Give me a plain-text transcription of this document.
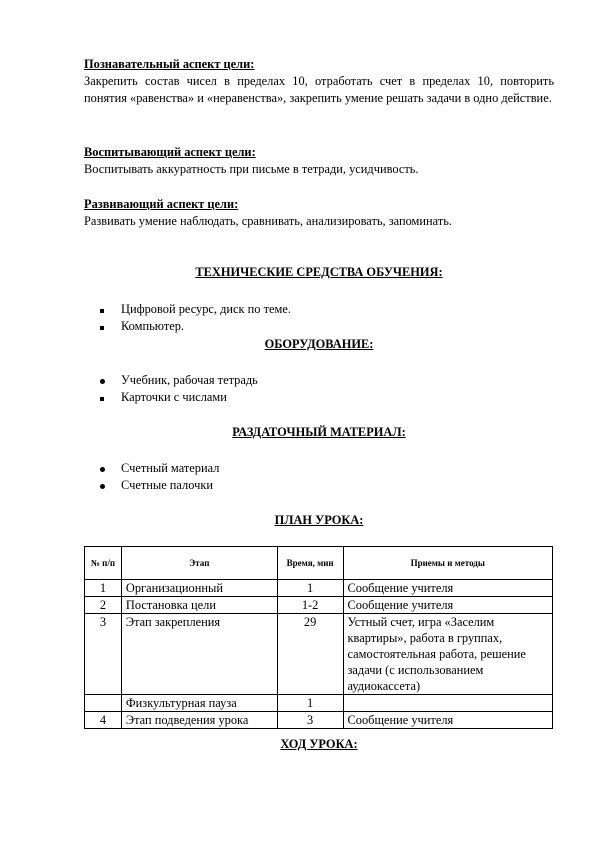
Познавательный аспект цели:
Закрепить состав чисел в пределах 10, отработать счет в пределах 10, повторить понятия «равенства» и «неравенства», закрепить умение решать задачи в одно действие.
Воспитывающий аспект цели:
Воспитывать аккуратность при письме в тетради, усидчивость.
Развивающий аспект цели:
Развивать умение наблюдать, сравнивать, анализировать, запоминать.
ТЕХНИЧЕСКИЕ СРЕДСТВА ОБУЧЕНИЯ:
Цифровой ресурс, диск по теме.
Компьютер.
ОБОРУДОВАНИЕ:
Учебник, рабочая тетрадь
Карточки с числами
РАЗДАТОЧНЫЙ МАТЕРИАЛ:
Счетный материал
Счетные палочки
ПЛАН УРОКА:
№ п/п	Этап	Время, мин	Приемы и методы
1	Организационный	1	Сообщение учителя
2	Постановка цели	1-2	Сообщение учителя
3	Этап закрепления	29	Устный счет, игра «Заселим квартиры», работа в группах, самостоятельная работа, решение задачи (с использованием аудиокассета)
	Физкультурная пауза	1	
4	Этап подведения урока	3	Сообщение учителя
ХОД УРОКА:
